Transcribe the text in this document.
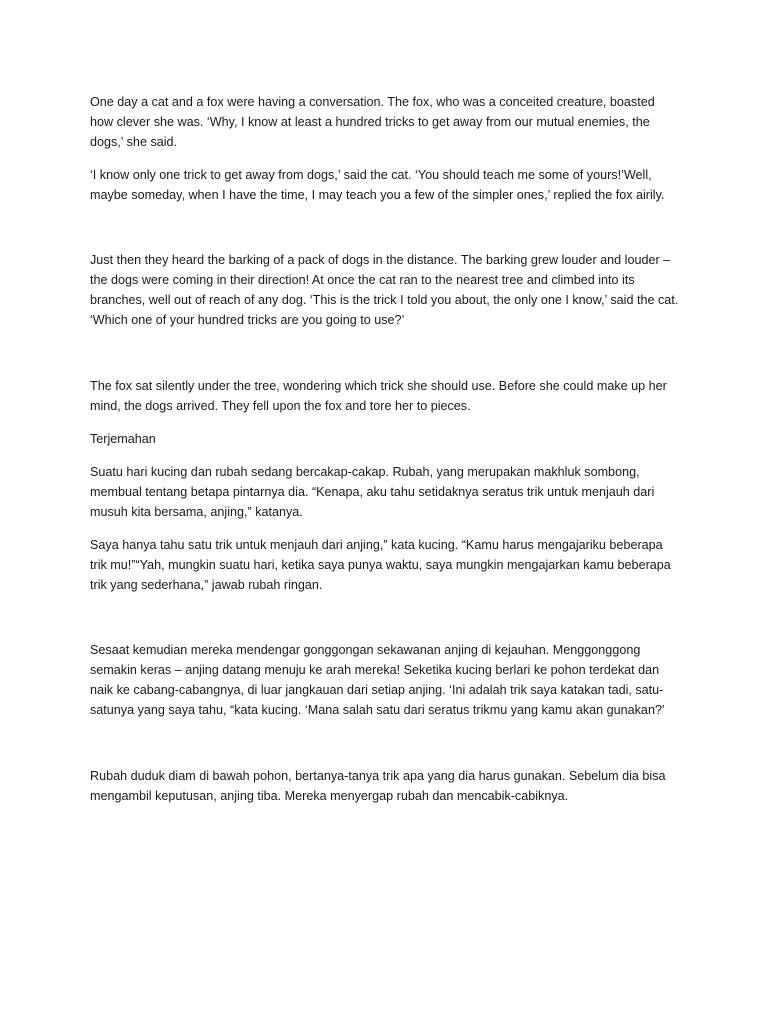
One day a cat and a fox were having a conversation. The fox, who was a conceited creature, boasted how clever she was. ‘Why, I know at least a hundred tricks to get away from our mutual enemies, the dogs,’ she said.

‘I know only one trick to get away from dogs,’ said the cat. ‘You should teach me some of yours!’Well, maybe someday, when I have the time, I may teach you a few of the simpler ones,’ replied the fox airily.

Just then they heard the barking of a pack of dogs in the distance. The barking grew louder and louder – the dogs were coming in their direction! At once the cat ran to the nearest tree and climbed into its branches, well out of reach of any dog. ‘This is the trick I told you about, the only one I know,’ said the cat. ‘Which one of your hundred tricks are you going to use?’

The fox sat silently under the tree, wondering which trick she should use. Before she could make up her mind, the dogs arrived. They fell upon the fox and tore her to pieces.

Terjemahan

Suatu hari kucing dan rubah sedang bercakap-cakap. Rubah, yang merupakan makhluk sombong, membual tentang betapa pintarnya dia. “Kenapa, aku tahu setidaknya seratus trik untuk menjauh dari musuh kita bersama, anjing,” katanya.

Saya hanya tahu satu trik untuk menjauh dari anjing,” kata kucing. “Kamu harus mengajariku beberapa trik mu!”“Yah, mungkin suatu hari, ketika saya punya waktu, saya mungkin mengajarkan kamu beberapa trik yang sederhana,” jawab rubah ringan.

Sesaat kemudian mereka mendengar gonggongan sekawanan anjing di kejauhan. Menggonggong semakin keras – anjing datang menuju ke arah mereka! Seketika kucing berlari ke pohon terdekat dan naik ke cabang-cabangnya, di luar jangkauan dari setiap anjing. ‘Ini adalah trik saya katakan tadi, satu-satunya yang saya tahu, “kata kucing. ‘Mana salah satu dari seratus trikmu yang kamu akan gunakan?'

Rubah duduk diam di bawah pohon, bertanya-tanya trik apa yang dia harus gunakan. Sebelum dia bisa mengambil keputusan, anjing tiba. Mereka menyergap rubah dan mencabik-cabiknya.
